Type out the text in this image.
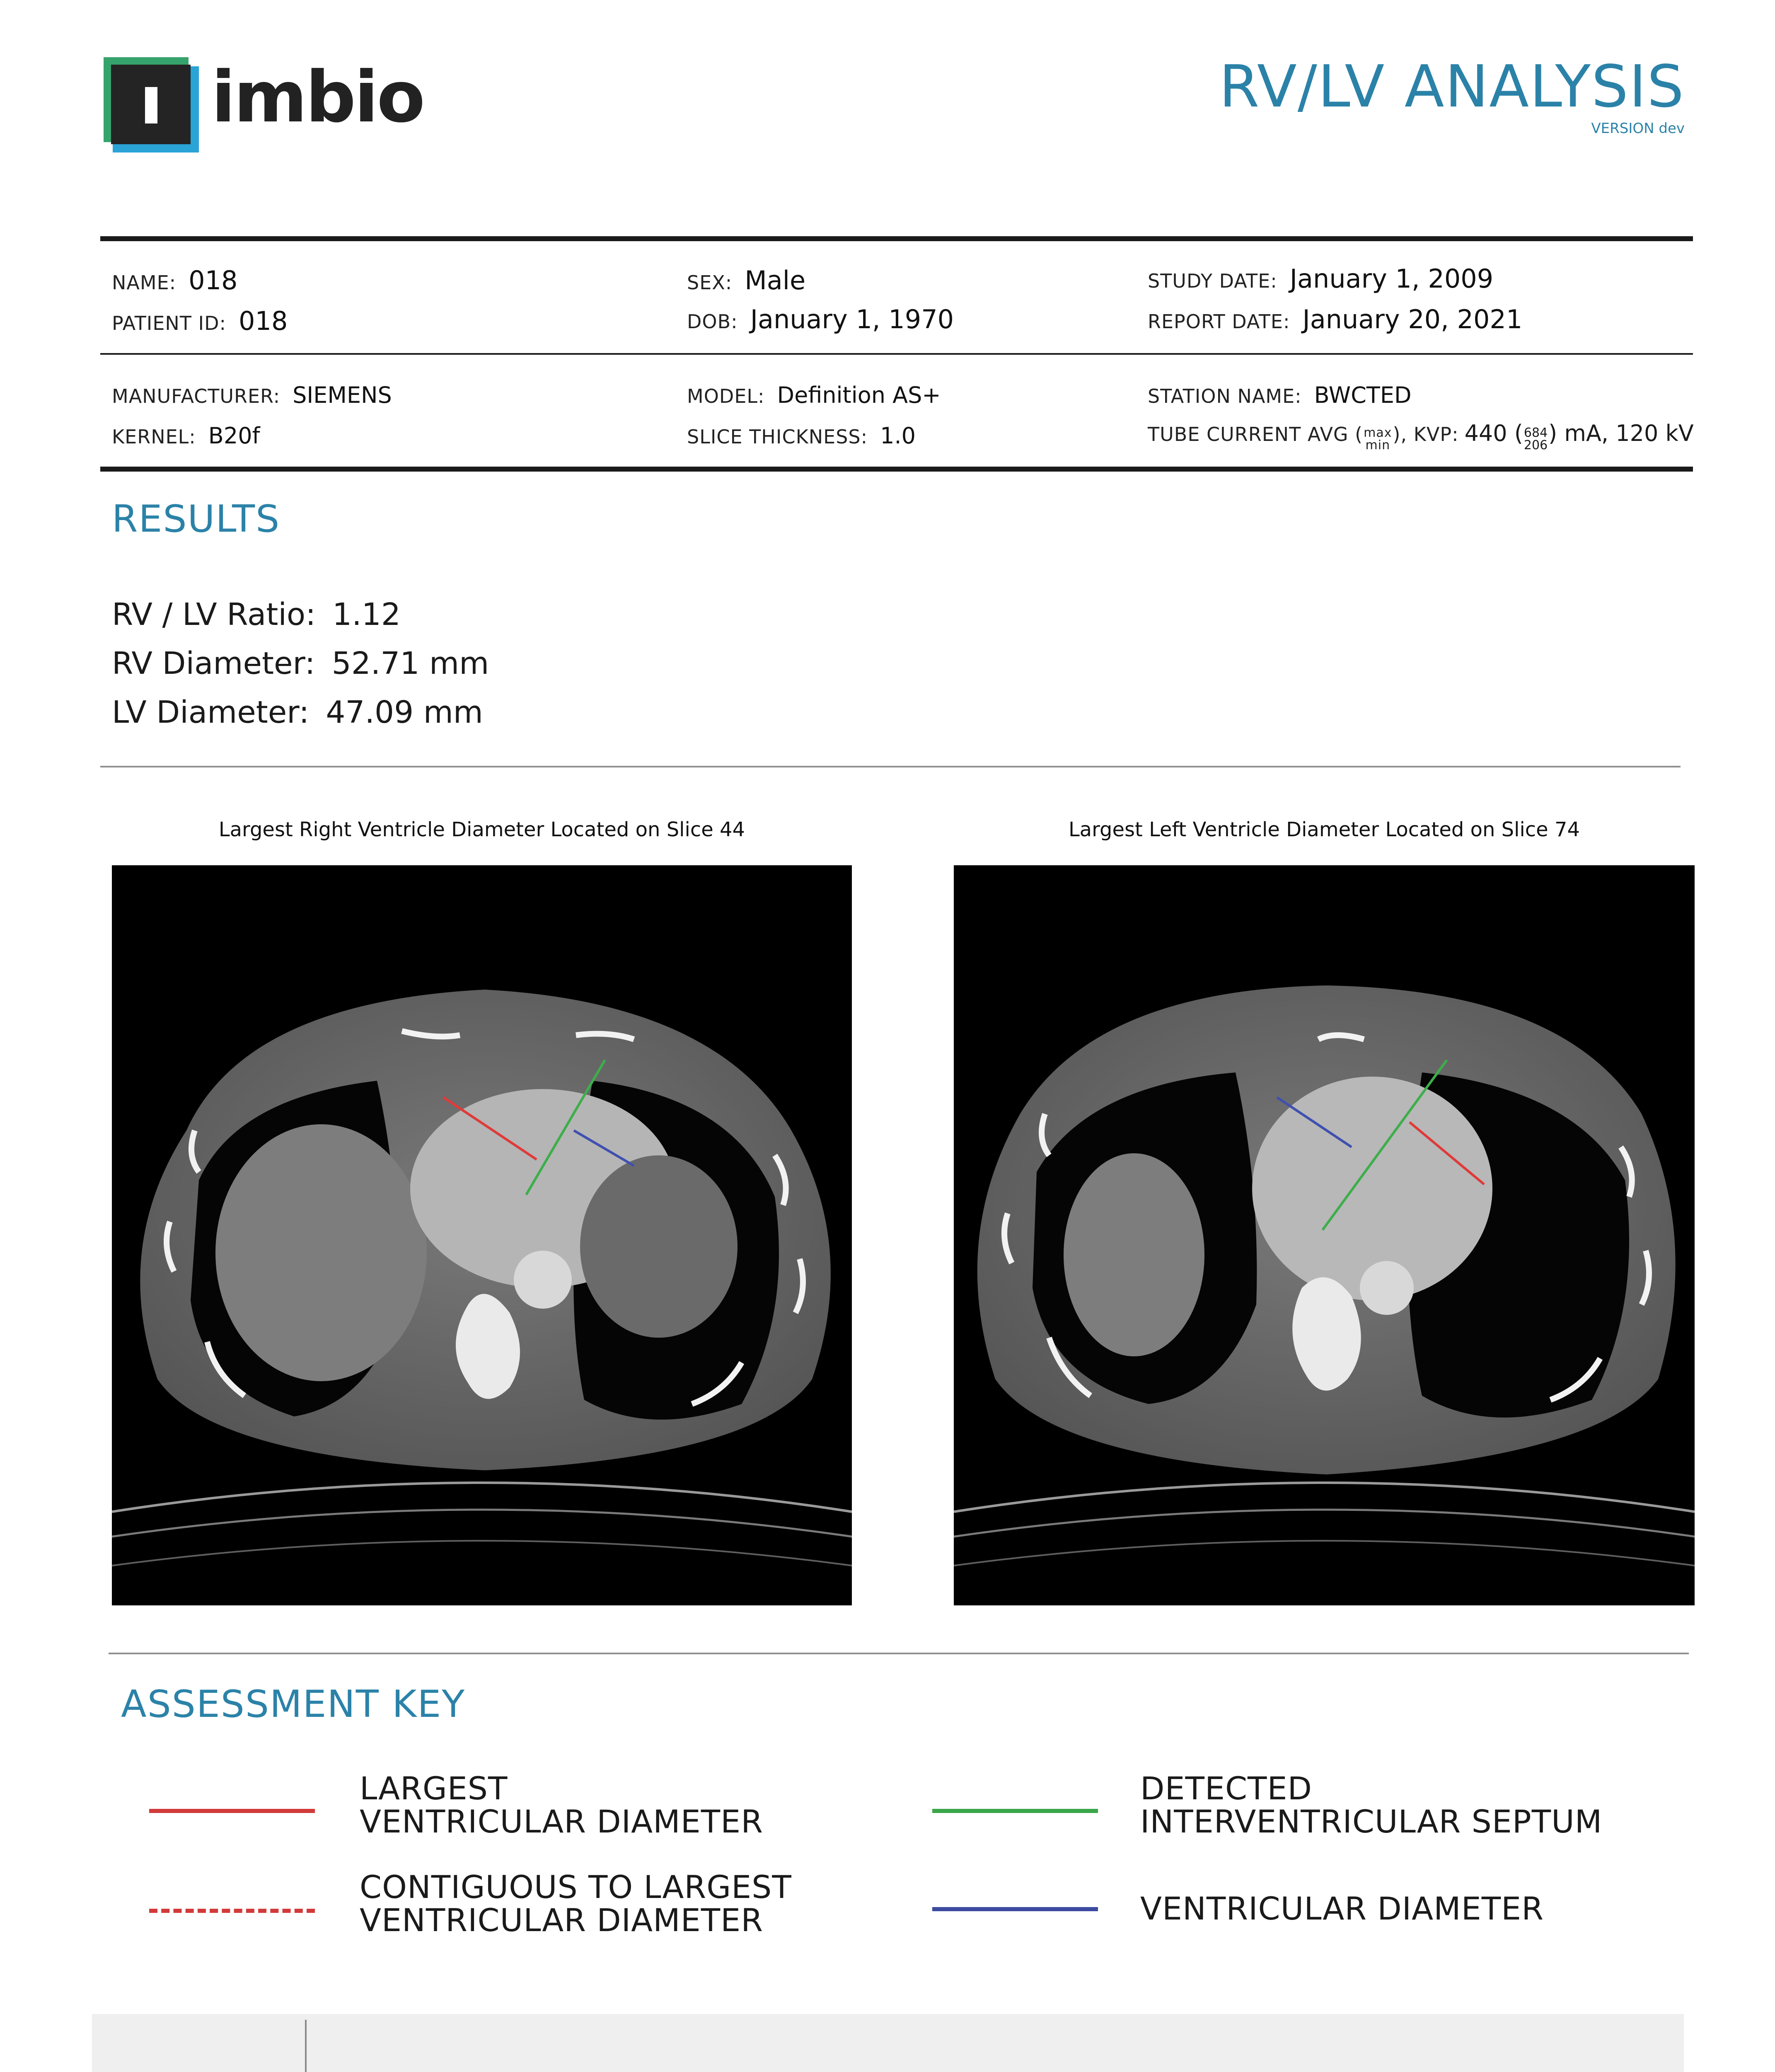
imbio	RV/LV ANALYSIS
VERSION dev
NAME: 018
PATIENT ID: 018
SEX: Male
DOB: January 1, 1970
STUDY DATE: January 1, 2009
REPORT DATE: January 20, 2021
MANUFACTURER: SIEMENS
KERNEL: B20f
MODEL: Definition AS+
SLICE THICKNESS: 1.0
STATION NAME: BWCTED
TUBE CURRENT AVG ( max
min ), KVP: 440 ( 684
206 ) mA, 120 kV
RESULTS
RV / LV Ratio: 1.12
RV Diameter: 52.71 mm
LV Diameter: 47.09 mm
Largest Right Ventricle Diameter Located on Slice 44	Largest Left Ventricle Diameter Located on Slice 74
ASSESSMENT KEY
LARGEST
VENTRICULAR DIAMETER
CONTIGUOUS TO LARGEST
VENTRICULAR DIAMETER
DETECTED
INTERVENTRICULAR SEPTUM
VENTRICULAR DIAMETER
